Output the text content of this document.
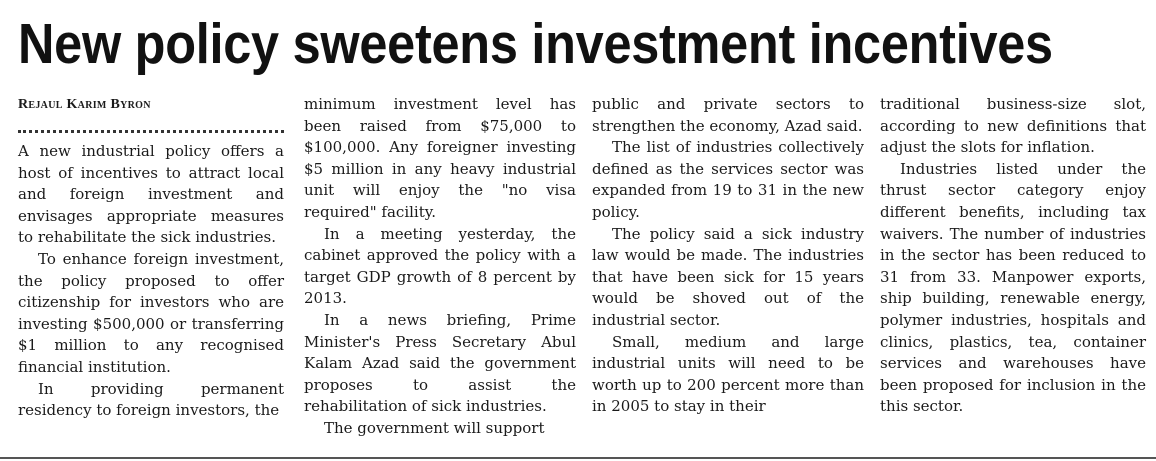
New policy sweetens investment incentives
Rejaul Karim Byron

A new industrial policy offers a host of incentives to attract local and foreign investment and envisages appropriate measures to rehabilitate the sick industries.

To enhance foreign investment, the policy proposed to offer citizenship for investors who are investing $500,000 or transferring $1 million to any recognised financial institution.

In providing permanent residency to foreign investors, the

minimum investment level has been raised from $75,000 to $100,000. Any foreigner investing $5 million in any heavy industrial unit will enjoy the "no visa required" facility.

In a meeting yesterday, the cabinet approved the policy with a target GDP growth of 8 percent by 2013.

In a news briefing, Prime Minister's Press Secretary Abul Kalam Azad said the government proposes to assist the rehabilitation of sick industries.

The government will support

public and private sectors to strengthen the economy, Azad said.

The list of industries collectively defined as the services sector was expanded from 19 to 31 in the new policy.

The policy said a sick industry law would be made. The industries that have been sick for 15 years would be shoved out of the industrial sector.

Small, medium and large industrial units will need to be worth up to 200 percent more than in 2005 to stay in their

traditional business-size slot, according to new definitions that adjust the slots for inflation.

Industries listed under the thrust sector category enjoy different benefits, including tax waivers. The number of industries in the sector has been reduced to 31 from 33. Manpower exports, ship building, renewable energy, polymer industries, hospitals and clinics, plastics, tea, container services and warehouses have been proposed for inclusion in the this sector.
